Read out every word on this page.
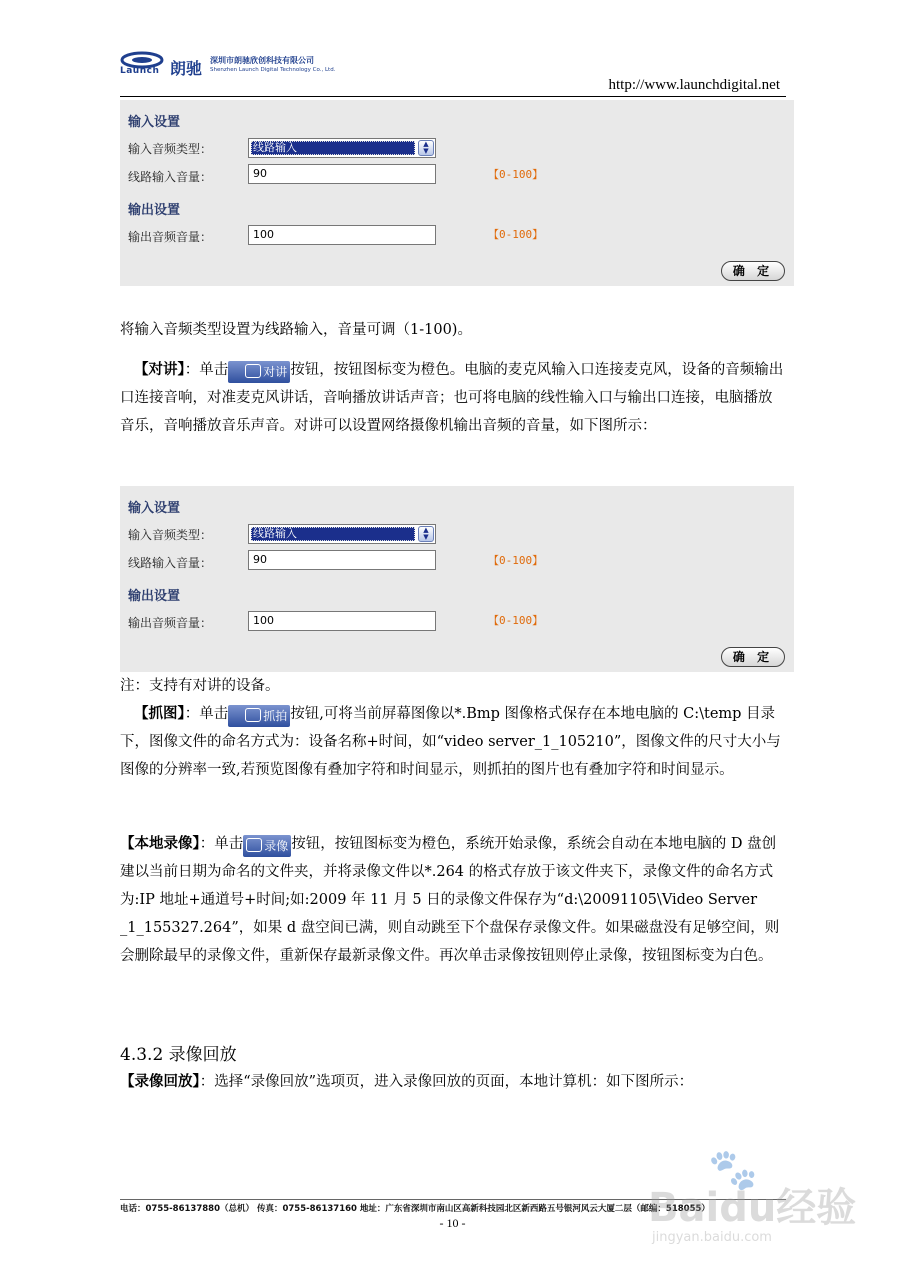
Launch 朗驰 深圳市朗驰欣创科技有限公司
Shenzhen Launch Digital Technology Co., Ltd.
http://www.launchdigital.net
输入设置
输入音频类型：	线路输入	▲
▼
线路输入音量：	90	【0-100】
输出设置
输出音频音量：	100	【0-100】
确 定
将输入音频类型设置为线路输入，音量可调（1-100)。
【对讲】：单击	对讲 按钮，按钮图标变为橙色。电脑的麦克风输入口连接麦克风，设备的音频输出口连接音响，对准麦克风讲话，音响播放讲话声音；也可将电脑的线性输入口与输出口连接，电脑播放音乐，音响播放音乐声音。对讲可以设置网络摄像机输出音频的音量，如下图所示：
输入设置
输入音频类型：	线路输入	▲
▼
线路输入音量：	90	【0-100】
输出设置
输出音频音量：	100	【0-100】
确 定
注：支持有对讲的设备。
【抓图】：单击	抓拍 按钮,可将当前屏幕图像以*.Bmp 图像格式保存在本地电脑的 C:\temp 目录下，图像文件的命名方式为：设备名称+时间，如“video server_1_105210”，图像文件的尺寸大小与图像的分辨率一致,若预览图像有叠加字符和时间显示，则抓拍的图片也有叠加字符和时间显示。
【本地录像】：单击 录像 按钮，按钮图标变为橙色，系统开始录像，系统会自动在本地电脑的 D 盘创建以当前日期为命名的文件夹，并将录像文件以*.264 的格式存放于该文件夹下，录像文件的命名方式为:IP 地址+通道号+时间;如:2009 年 11 月 5 日的录像文件保存为“d:\20091105\Video Server _1_155327.264”，如果 d 盘空间已满，则自动跳至下个盘保存录像文件。如果磁盘没有足够空间，则会删除最早的录像文件，重新保存最新录像文件。再次单击录像按钮则停止录像，按钮图标变为白色。
4.3.2 录像回放
【录像回放】：选择“录像回放”选项页，进入录像回放的页面，本地计算机：如下图所示：
电话：0755-86137880（总机） 传真：0755-86137160 地址：广东省深圳市南山区高新科技园北区新西路五号银河风云大厦二层（邮编：518055）
- 10 -
🐾
Baidu经验
jingyan.baidu.com
